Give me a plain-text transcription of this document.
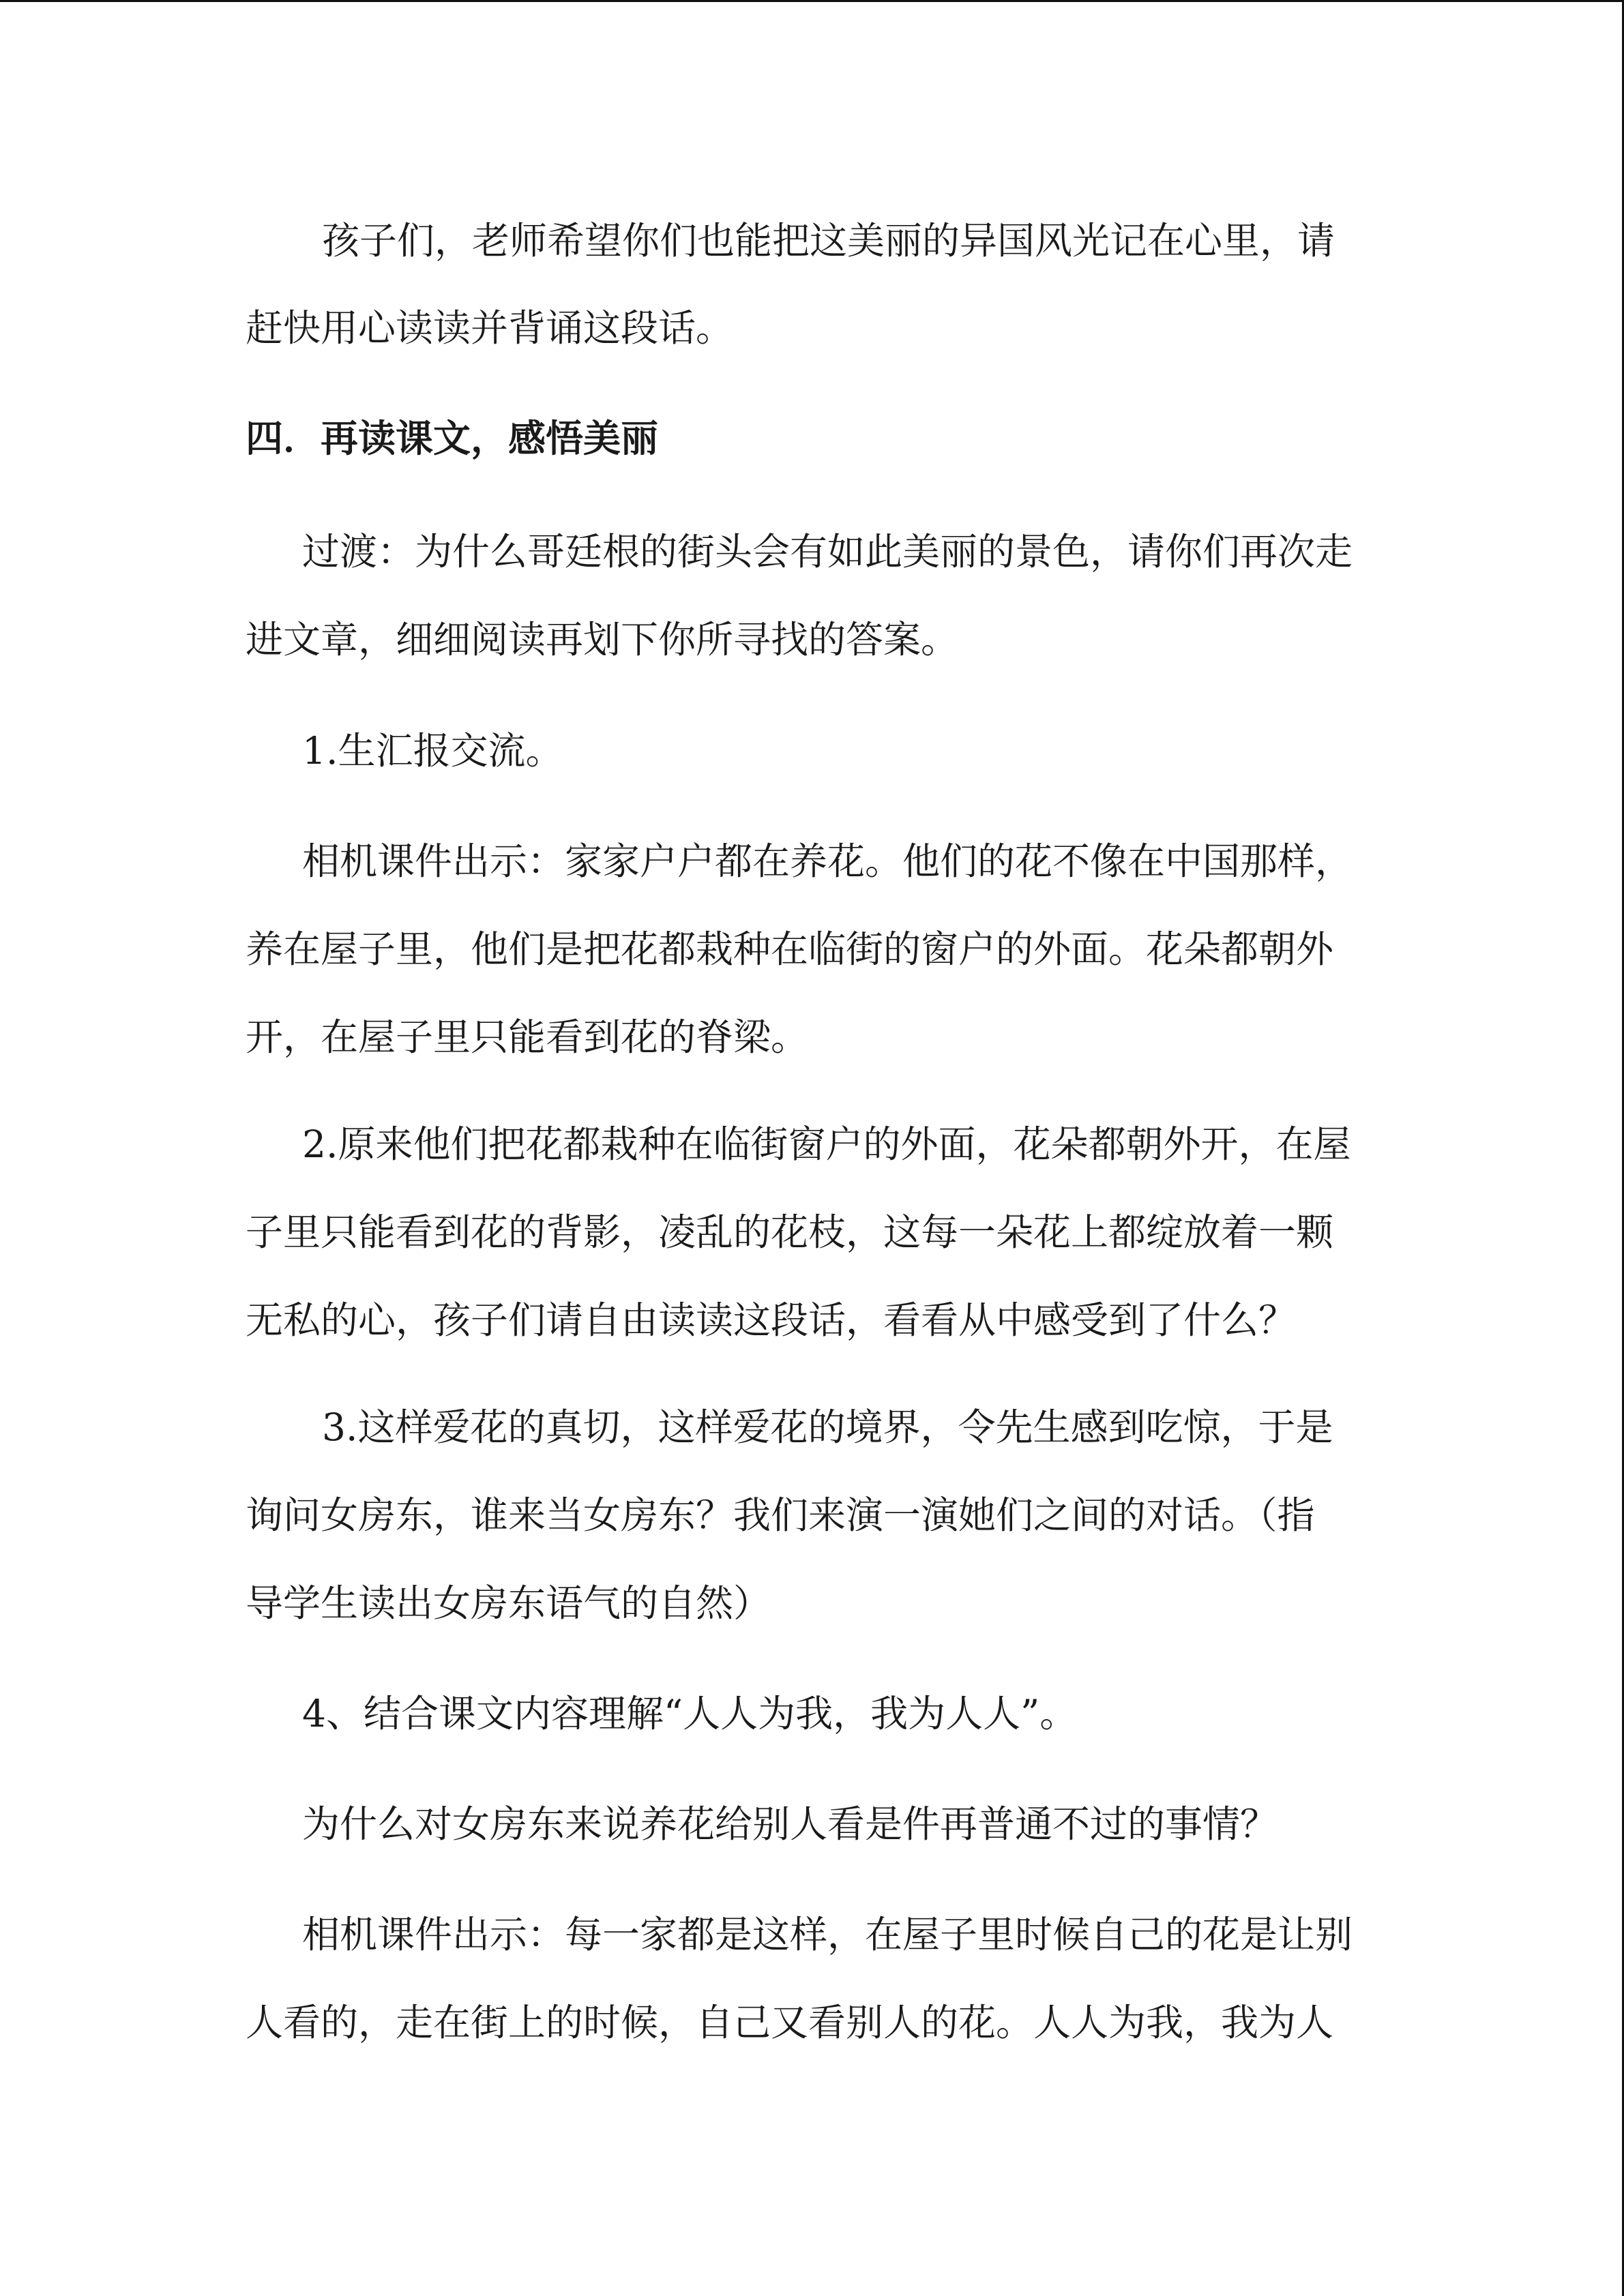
孩子们，老师希望你们也能把这美丽的异国风光记在心里，请
赶快用心读读并背诵这段话。
四．再读课文，感悟美丽
过渡：为什么哥廷根的街头会有如此美丽的景色，请你们再次走
进文章，细细阅读再划下你所寻找的答案。
1.生汇报交流。
相机课件出示：家家户户都在养花。他们的花不像在中国那样，
养在屋子里，他们是把花都栽种在临街的窗户的外面。花朵都朝外
开，在屋子里只能看到花的脊梁。
2.原来他们把花都栽种在临街窗户的外面，花朵都朝外开，在屋
子里只能看到花的背影，凌乱的花枝，这每一朵花上都绽放着一颗
无私的心，孩子们请自由读读这段话，看看从中感受到了什么？
3.这样爱花的真切，这样爱花的境界，令先生感到吃惊，于是
询问女房东，谁来当女房东？我们来演一演她们之间的对话。（指
导学生读出女房东语气的自然）
4、结合课文内容理解“人人为我，我为人人”。
为什么对女房东来说养花给别人看是件再普通不过的事情？
相机课件出示：每一家都是这样，在屋子里时候自己的花是让别
人看的，走在街上的时候，自己又看别人的花。人人为我，我为人
